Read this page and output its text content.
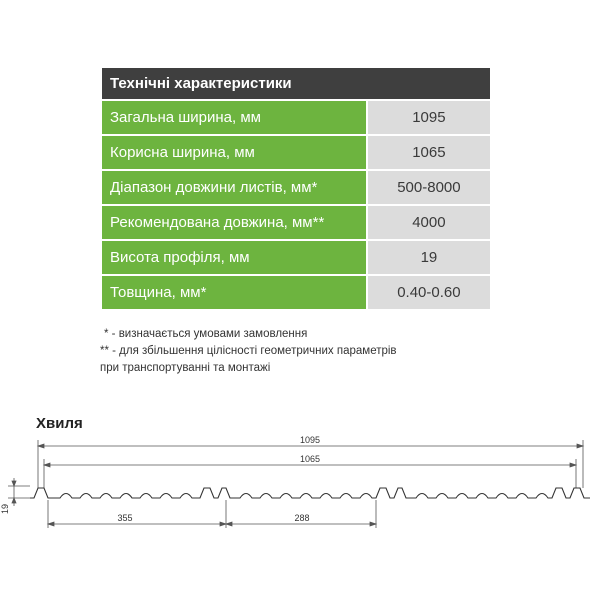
Технічні характеристики	
Загальна ширина, мм	1095
Корисна ширина, мм	1065
Діапазон довжини листів, мм*	500-8000
Рекомендована довжина, мм**	4000
Висота профіля, мм	19
Товщина, мм*	0.40-0.60
* - визначається умовами замовлення
** - для збільшення цілісності геометричних параметрів
при транспортуванні та монтажі
Хвиля
1095
1065
19
355	288
